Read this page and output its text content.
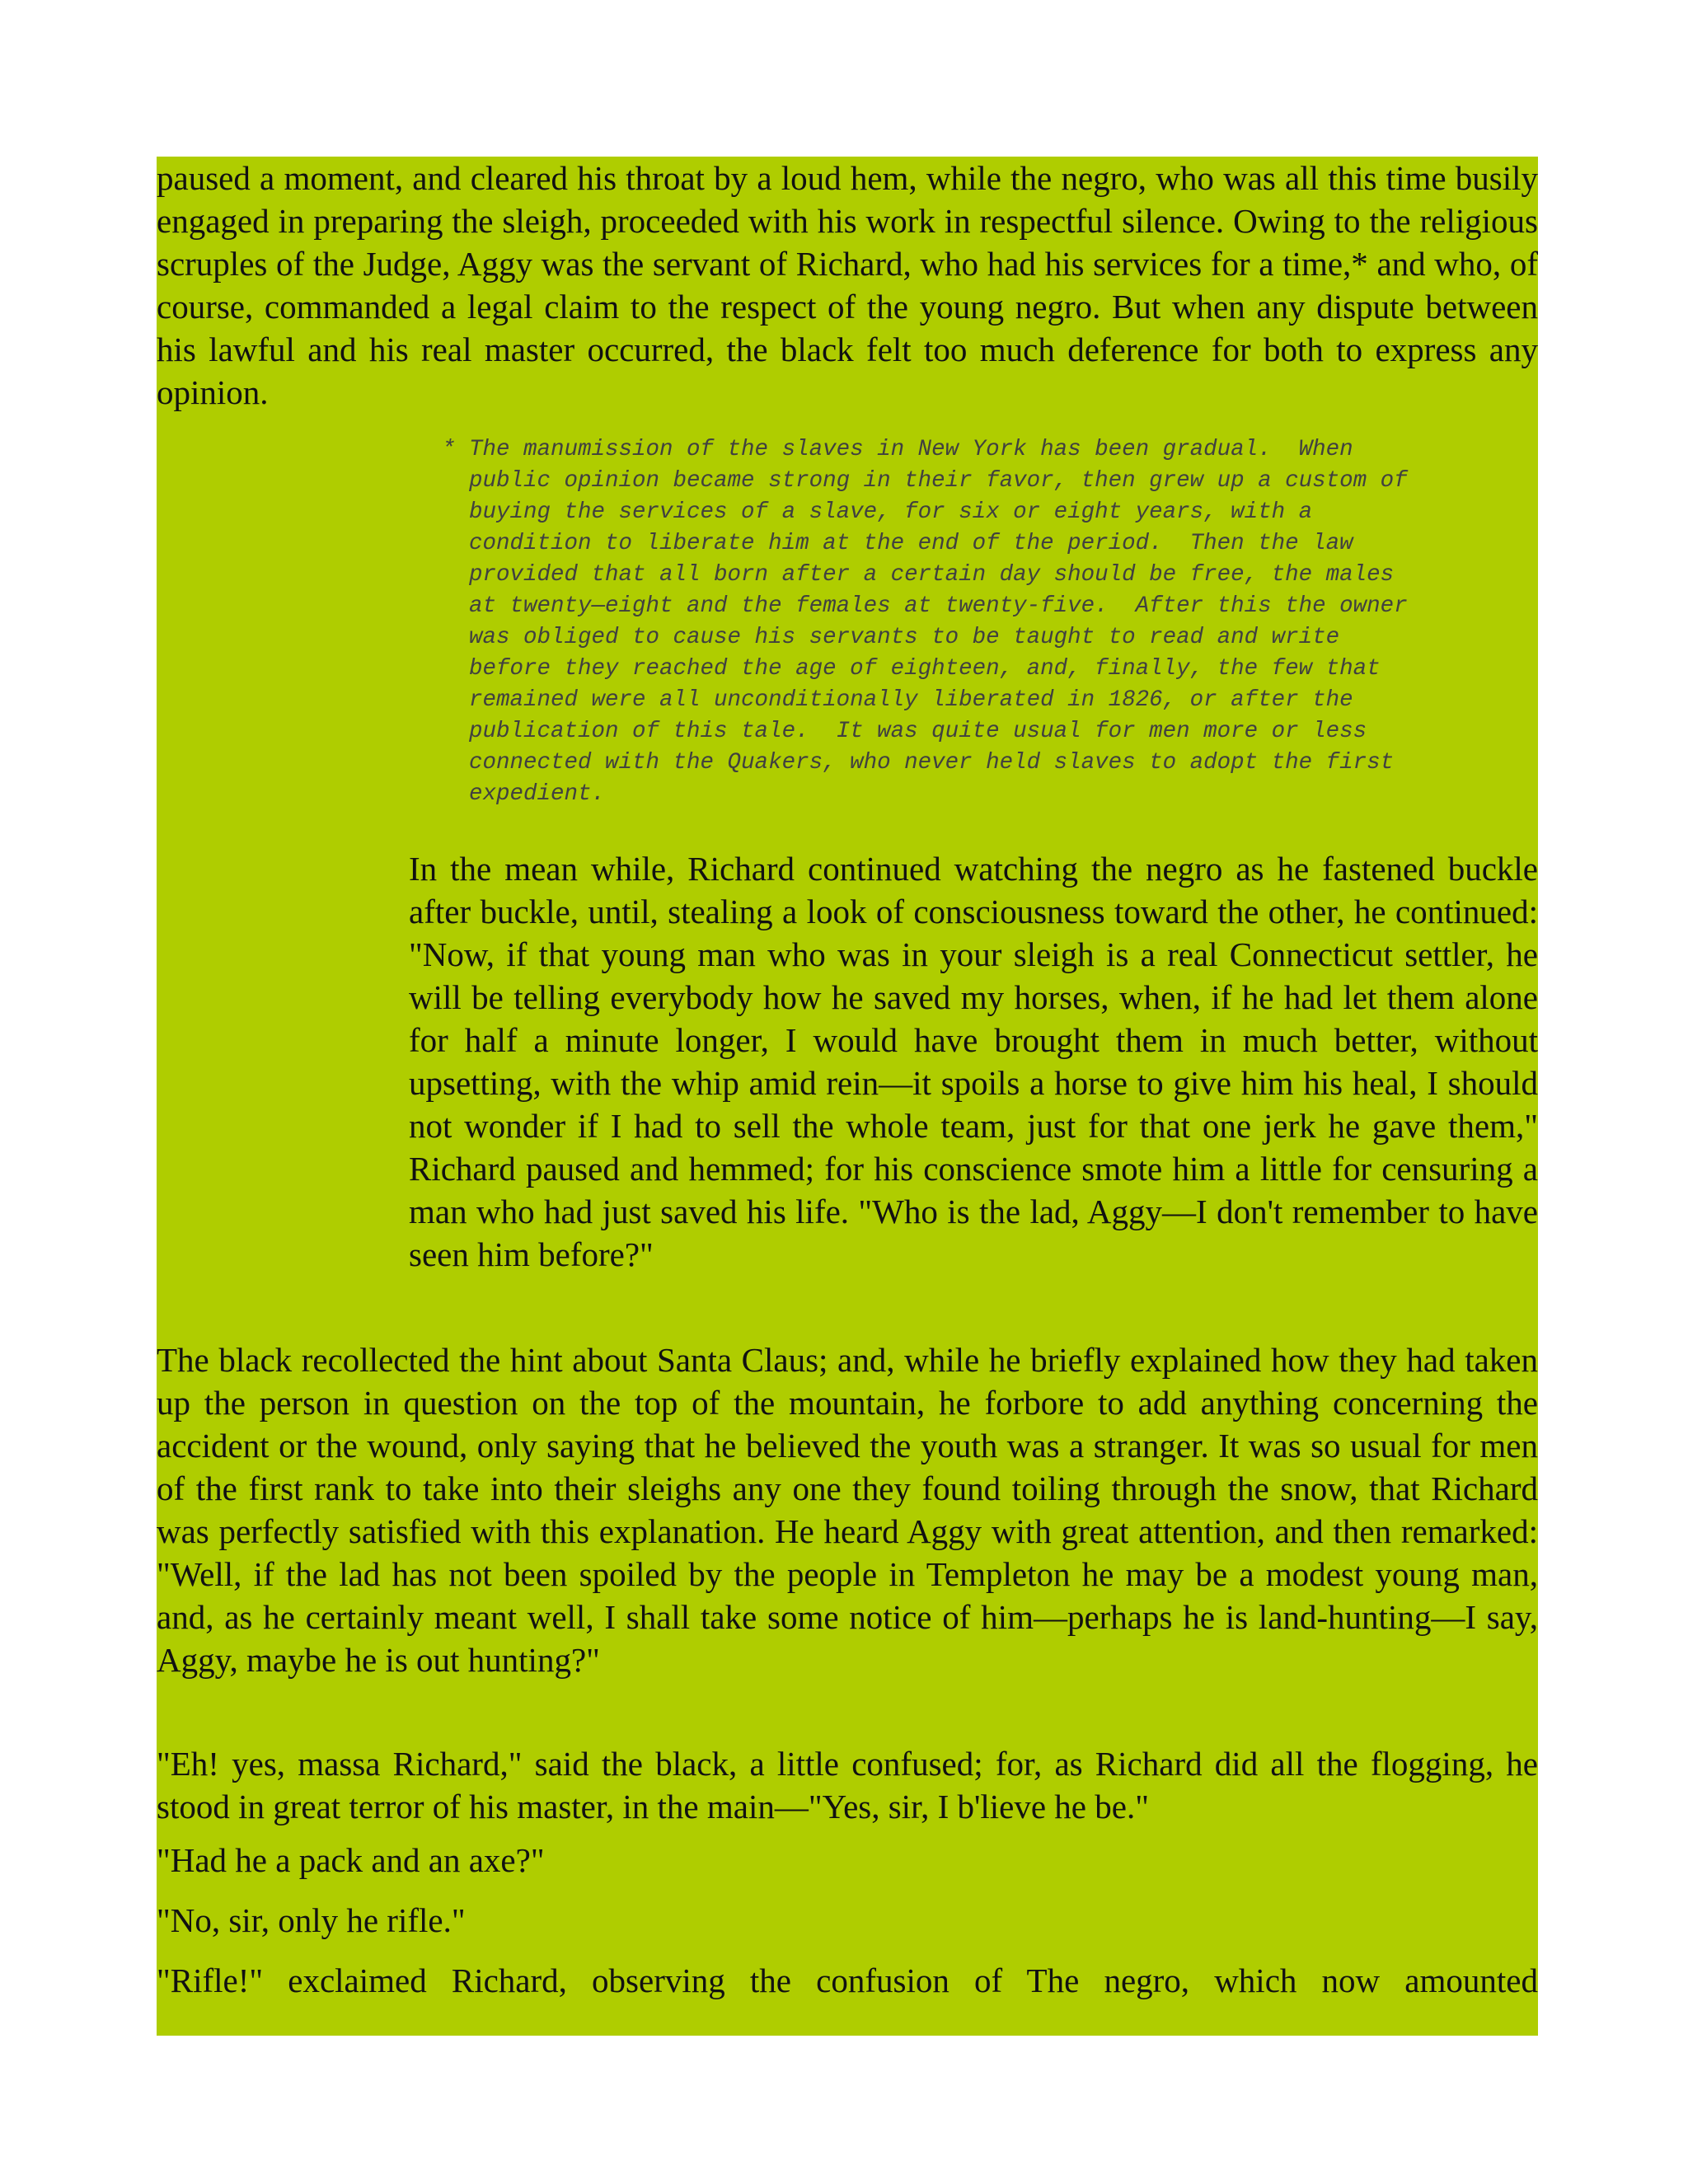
paused a moment, and cleared his throat by a loud hem, while the negro, who was all this time busily engaged in preparing the sleigh, proceeded with his work in respectful silence. Owing to the religious scruples of the Judge, Aggy was the servant of Richard, who had his services for a time,* and who, of course, commanded a legal claim to the respect of the young negro. But when any dispute between his lawful and his real master occurred, the black felt too much deference for both to express any opinion.

* The manumission of the slaves in New York has been gradual.  When
public opinion became strong in their favor, then grew up a custom of
buying the services of a slave, for six or eight years, with a
condition to liberate him at the end of the period.  Then the law
provided that all born after a certain day should be free, the males
at twenty—eight and the females at twenty-five.  After this the owner
was obliged to cause his servants to be taught to read and write
before they reached the age of eighteen, and, finally, the few that
remained were all unconditionally liberated in 1826, or after the
publication of this tale.  It was quite usual for men more or less
connected with the Quakers, who never held slaves to adopt the first
expedient.

In the mean while, Richard continued watching the negro as he fastened buckle after buckle, until, stealing a look of consciousness toward the other, he continued: "Now, if that young man who was in your sleigh is a real Connecticut settler, he will be telling everybody how he saved my horses, when, if he had let them alone for half a minute longer, I would have brought them in much better, without upsetting, with the whip amid rein—it spoils a horse to give him his heal, I should not wonder if I had to sell the whole team, just for that one jerk he gave them," Richard paused and hemmed; for his conscience smote him a little for censuring a man who had just saved his life. "Who is the lad, Aggy—I don't remember to have seen him before?"

The black recollected the hint about Santa Claus; and, while he briefly explained how they had taken up the person in question on the top of the mountain, he forbore to add anything concerning the accident or the wound, only saying that he believed the youth was a stranger. It was so usual for men of the first rank to take into their sleighs any one they found toiling through the snow, that Richard was perfectly satisfied with this explanation. He heard Aggy with great attention, and then remarked: "Well, if the lad has not been spoiled by the people in Templeton he may be a modest young man, and, as he certainly meant well, I shall take some notice of him—perhaps he is land-hunting—I say, Aggy, maybe he is out hunting?"

"Eh! yes, massa Richard," said the black, a little confused; for, as Richard did all the flogging, he stood in great terror of his master, in the main—"Yes, sir, I b'lieve he be."

"Had he a pack and an axe?"

"No, sir, only he rifle."

"Rifle!" exclaimed Richard, observing the confusion of The negro, which now amounted
